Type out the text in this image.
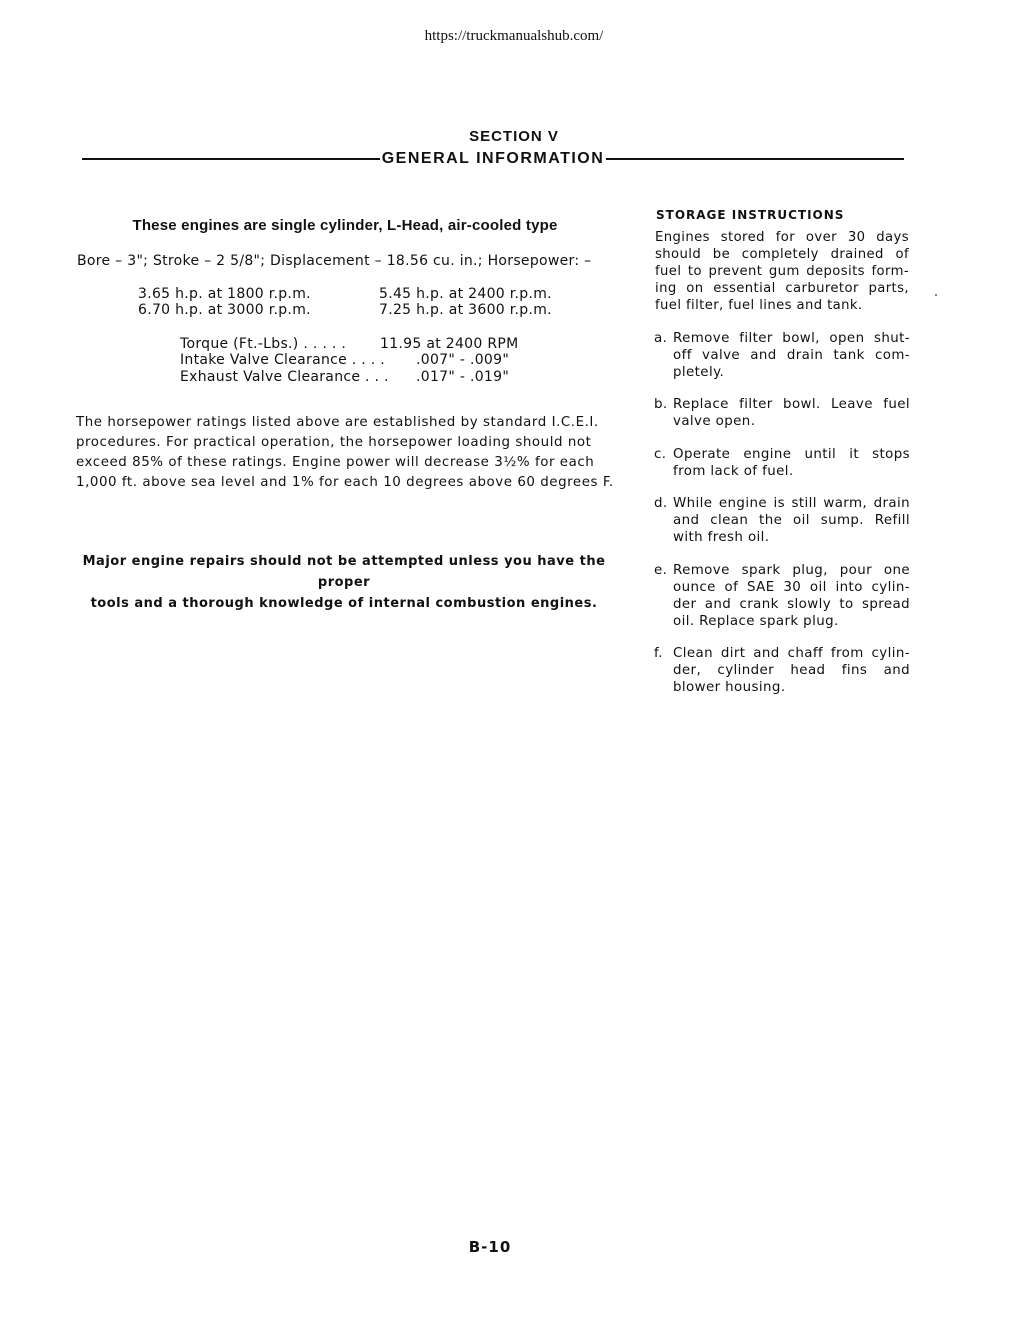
https://truckmanualshub.com/
SECTION V
GENERAL INFORMATION
These engines are single cylinder, L-Head, air-cooled type
Bore – 3"; Stroke – 2 5/8"; Displacement – 18.56 cu. in.; Horsepower: –
3.65 h.p. at 1800 r.p.m.	5.45 h.p. at 2400 r.p.m.
6.70 h.p. at 3000 r.p.m.	7.25 h.p. at 3600 r.p.m.
Torque (Ft.-Lbs.) . . . . . 11.95 at 2400 RPM
Intake Valve Clearance . . . . .007" - .009"
Exhaust Valve Clearance . . . .017" - .019"
The horsepower ratings listed above are established by standard I.C.E.I.
procedures. For practical operation, the horsepower loading should not
exceed 85% of these ratings. Engine power will decrease 3½% for each
1,000 ft. above sea level and 1% for each 10 degrees above 60 degrees F.
Major engine repairs should not be attempted unless you have the proper
tools and a thorough knowledge of internal combustion engines.
STORAGE INSTRUCTIONS
Engines stored for over 30 days
should be completely drained of
fuel to prevent gum deposits form-
ing on essential carburetor parts,
fuel filter, fuel lines and tank.
a. Remove filter bowl, open shut-
off valve and drain tank com-
pletely.
b. Replace filter bowl. Leave fuel
valve open.
c. Operate engine until it stops
from lack of fuel.
d. While engine is still warm, drain
and clean the oil sump. Refill
with fresh oil.
e. Remove spark plug, pour one
ounce of SAE 30 oil into cylin-
der and crank slowly to spread
oil. Replace spark plug.
f. Clean dirt and chaff from cylin-
der, cylinder head fins and
blower housing.
B-10
